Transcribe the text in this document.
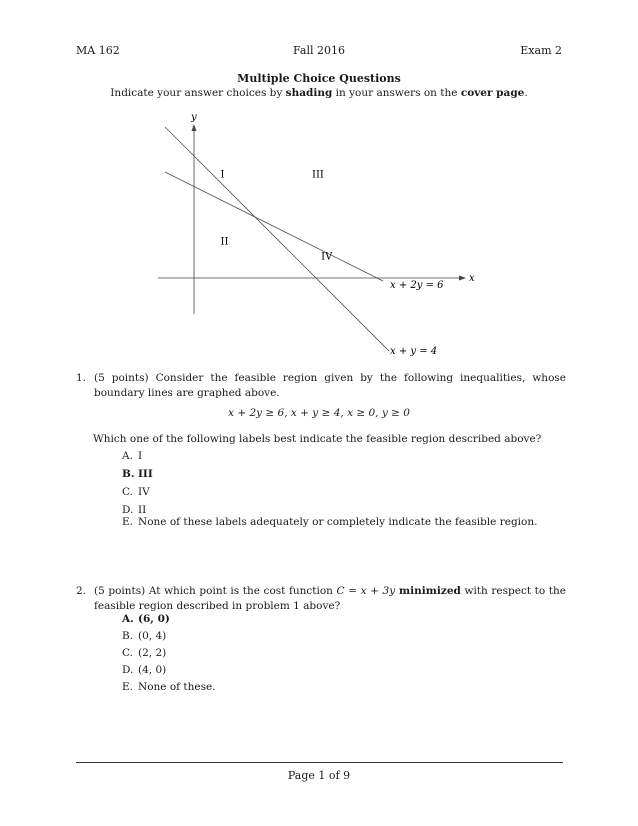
MA 162	Fall 2016	Exam 2
Multiple Choice Questions
Indicate your answer choices by shading in your answers on the cover page.
x
y
x + 2y = 6
x + y = 4
I	III
II
IV
1. (5 points) Consider the feasible region given by the following inequalities, whose boundary lines are graphed above.
x + 2y ≥ 6, x + y ≥ 4, x ≥ 0, y ≥ 0
Which one of the following labels best indicate the feasible region described above?
A. I
B. III
C. IV
D. II
E. None of these labels adequately or completely indicate the feasible region.
2. (5 points) At which point is the cost function C = x + 3y minimized with respect to the feasible region described in problem 1 above?
A. (6, 0)
B. (0, 4)
C. (2, 2)
D. (4, 0)
E. None of these.
Page 1 of 9
